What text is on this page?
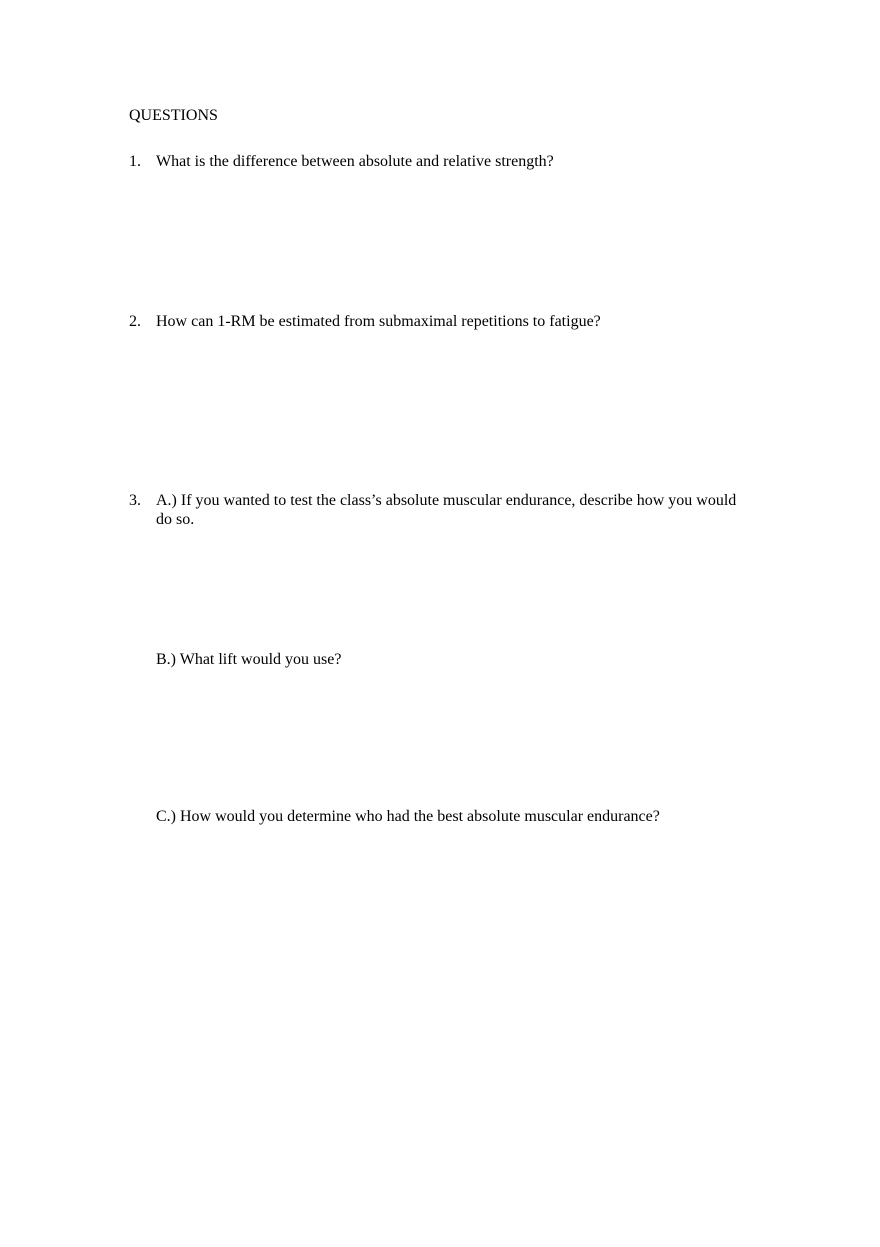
QUESTIONS
1. What is the difference between absolute and relative strength?
2. How can 1-RM be estimated from submaximal repetitions to fatigue?
3. A.) If you wanted to test the class’s absolute muscular endurance, describe how you would do so.
B.) What lift would you use?
C.) How would you determine who had the best absolute muscular endurance?
